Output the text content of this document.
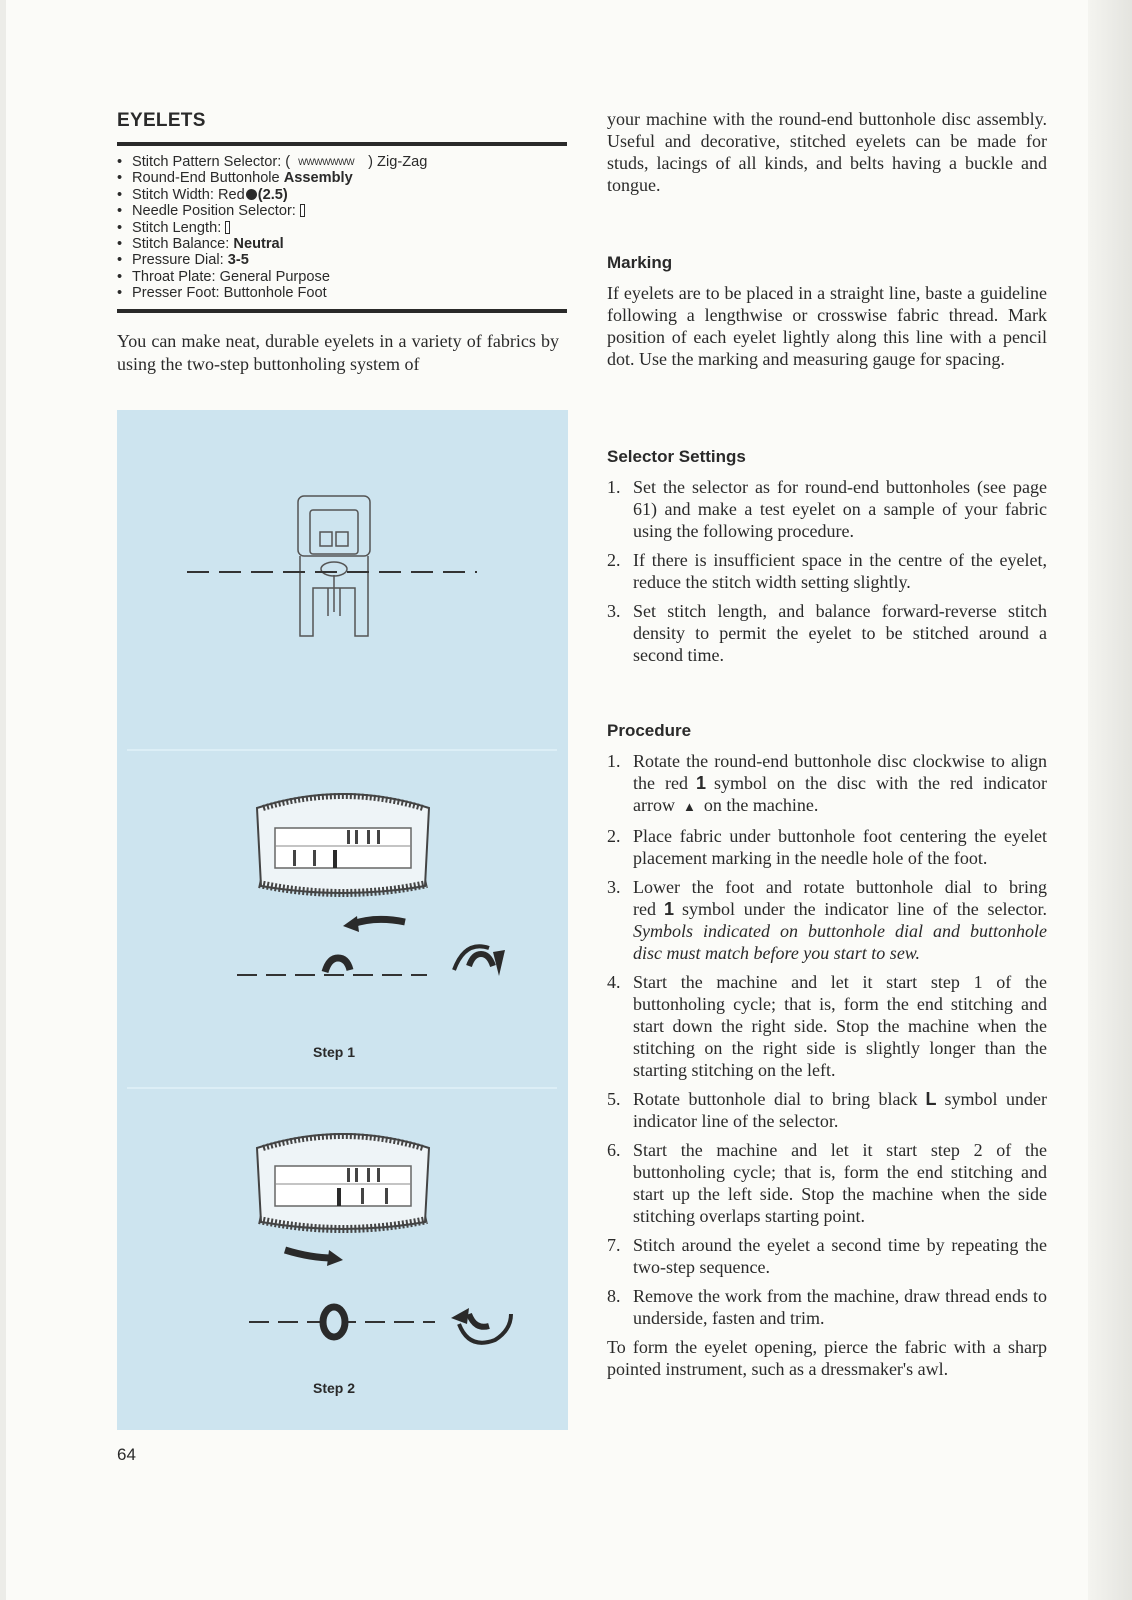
EYELETS
• Stitch Pattern Selector: ( WWWWWWW ) Zig-Zag
• Round-End Buttonhole Assembly
• Stitch Width: Red (2.5)
• Needle Position Selector:
• Stitch Length:
• Stitch Balance: Neutral
• Pressure Dial: 3-5
• Throat Plate: General Purpose
• Presser Foot: Buttonhole Foot

You can make neat, durable eyelets in a variety of fabrics by using the two-step buttonholing system of

Step 1
Step 2
64

your machine with the round-end buttonhole disc assembly. Useful and decorative, stitched eyelets can be made for studs, lacings of all kinds, and belts having a buckle and tongue.

Marking

If eyelets are to be placed in a straight line, baste a guideline following a lengthwise or crosswise fabric thread. Mark position of each eyelet lightly along this line with a pencil dot. Use the marking and measuring gauge for spacing.

Selector Settings
1. Set the selector as for round-end buttonholes (see page 61) and make a test eyelet on a sample of your fabric using the following procedure.
2. If there is insufficient space in the centre of the eyelet, reduce the stitch width setting slightly.
3. Set stitch length, and balance forward-reverse stitch density to permit the eyelet to be stitched around a second time.
Procedure
1. Rotate the round-end buttonhole disc clockwise to align the red 1 symbol on the disc with the red indicator arrow ▲ on the machine.
2. Place fabric under buttonhole foot centering the eyelet placement marking in the needle hole of the foot.
3. Lower the foot and rotate buttonhole dial to bring red 1 symbol under the indicator line of the selector. Symbols indicated on buttonhole dial and buttonhole disc must match before you start to sew.
4. Start the machine and let it start step 1 of the buttonholing cycle; that is, form the end stitching and start down the right side. Stop the machine when the stitching on the right side is slightly longer than the starting stitching on the left.
5. Rotate buttonhole dial to bring black L symbol under indicator line of the selector.
6. Start the machine and let it start step 2 of the buttonholing cycle; that is, form the end stitching and start up the left side. Stop the machine when the side stitching overlaps starting point.
7. Stitch around the eyelet a second time by repeating the two-step sequence.
8. Remove the work from the machine, draw thread ends to underside, fasten and trim.

To form the eyelet opening, pierce the fabric with a sharp pointed instrument, such as a dressmaker's awl.
